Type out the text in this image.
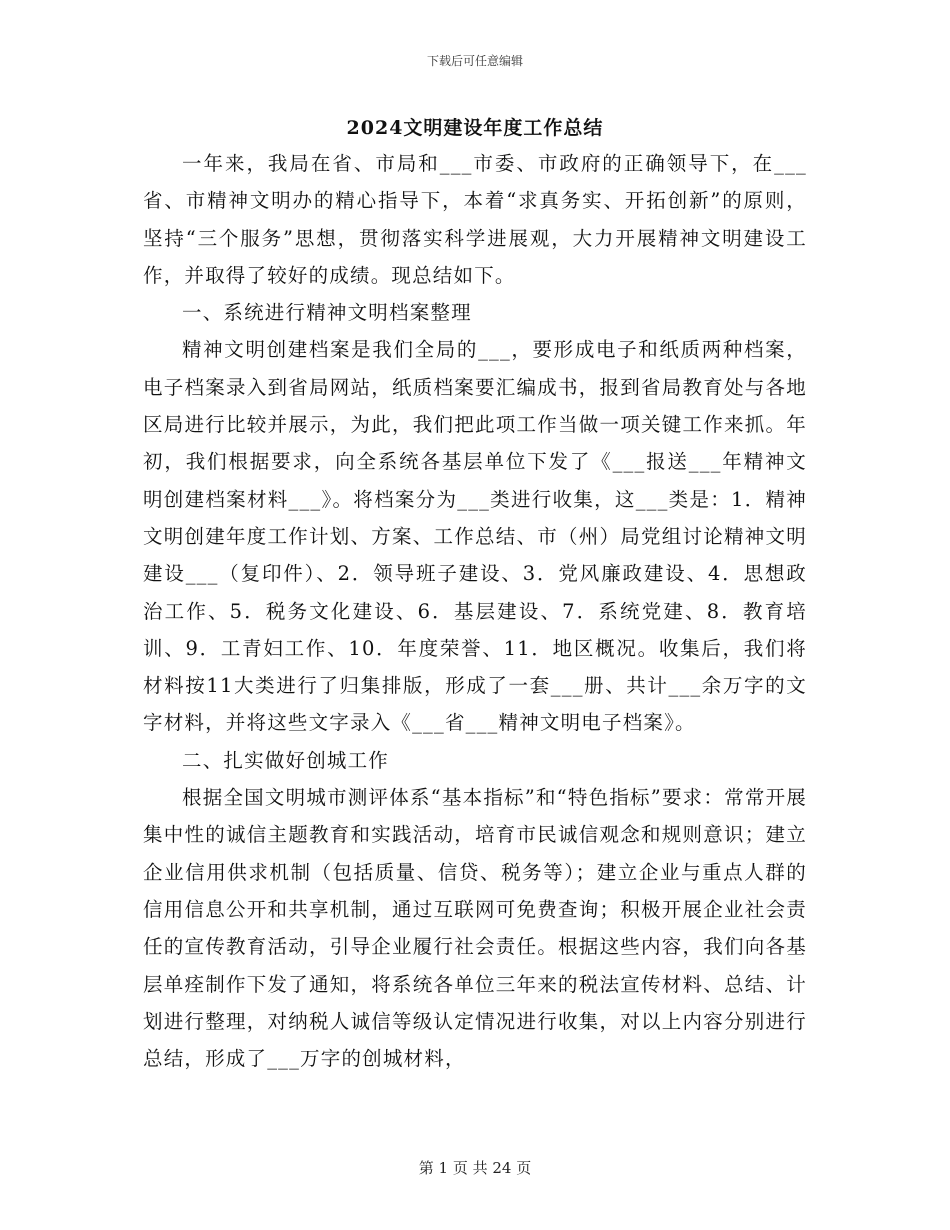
下载后可任意编辑
2024文明建设年度工作总结

一年来，我局在省、市局和___市委、市政府的正确领导下，在___省、市精神文明办的精心指导下，本着“求真务实、开拓创新”的原则，坚持“三个服务”思想，贯彻落实科学进展观，大力开展精神文明建设工作，并取得了较好的成绩。现总结如下。

一、系统进行精神文明档案整理

精神文明创建档案是我们全局的___，要形成电子和纸质两种档案，电子档案录入到省局网站，纸质档案要汇编成书，报到省局教育处与各地区局进行比较并展示，为此，我们把此项工作当做一项关键工作来抓。年初，我们根据要求，向全系统各基层单位下发了《___报送___年精神文明创建档案材料___》。将档案分为___类进行收集，这___类是：1．精神文明创建年度工作计划、方案、工作总结、市（州）局党组讨论精神文明建设___（复印件）、2．领导班子建设、3．党风廉政建设、4．思想政治工作、5．税务文化建设、6．基层建设、7．系统党建、8．教育培训、9．工青妇工作、10．年度荣誉、11．地区概况。收集后，我们将材料按11大类进行了归集排版，形成了一套___册、共计___余万字的文字材料，并将这些文字录入《___省___精神文明电子档案》。

二、扎实做好创城工作

根据全国文明城市测评体系“基本指标”和“特色指标”要求：常常开展集中性的诚信主题教育和实践活动，培育市民诚信观念和规则意识；建立企业信用供求机制（包括质量、信贷、税务等）；建立企业与重点人群的信用信息公开和共享机制，通过互联网可免费查询；积极开展企业社会责任的宣传教育活动，引导企业履行社会责任。根据这些内容，我们向各基层单痊制作下发了通知，将系统各单位三年来的税法宣传材料、总结、计划进行整理，对纳税人诚信等级认定情况进行收集，对以上内容分别进行总结，形成了___万字的创城材料，

第 1 页 共 24 页
